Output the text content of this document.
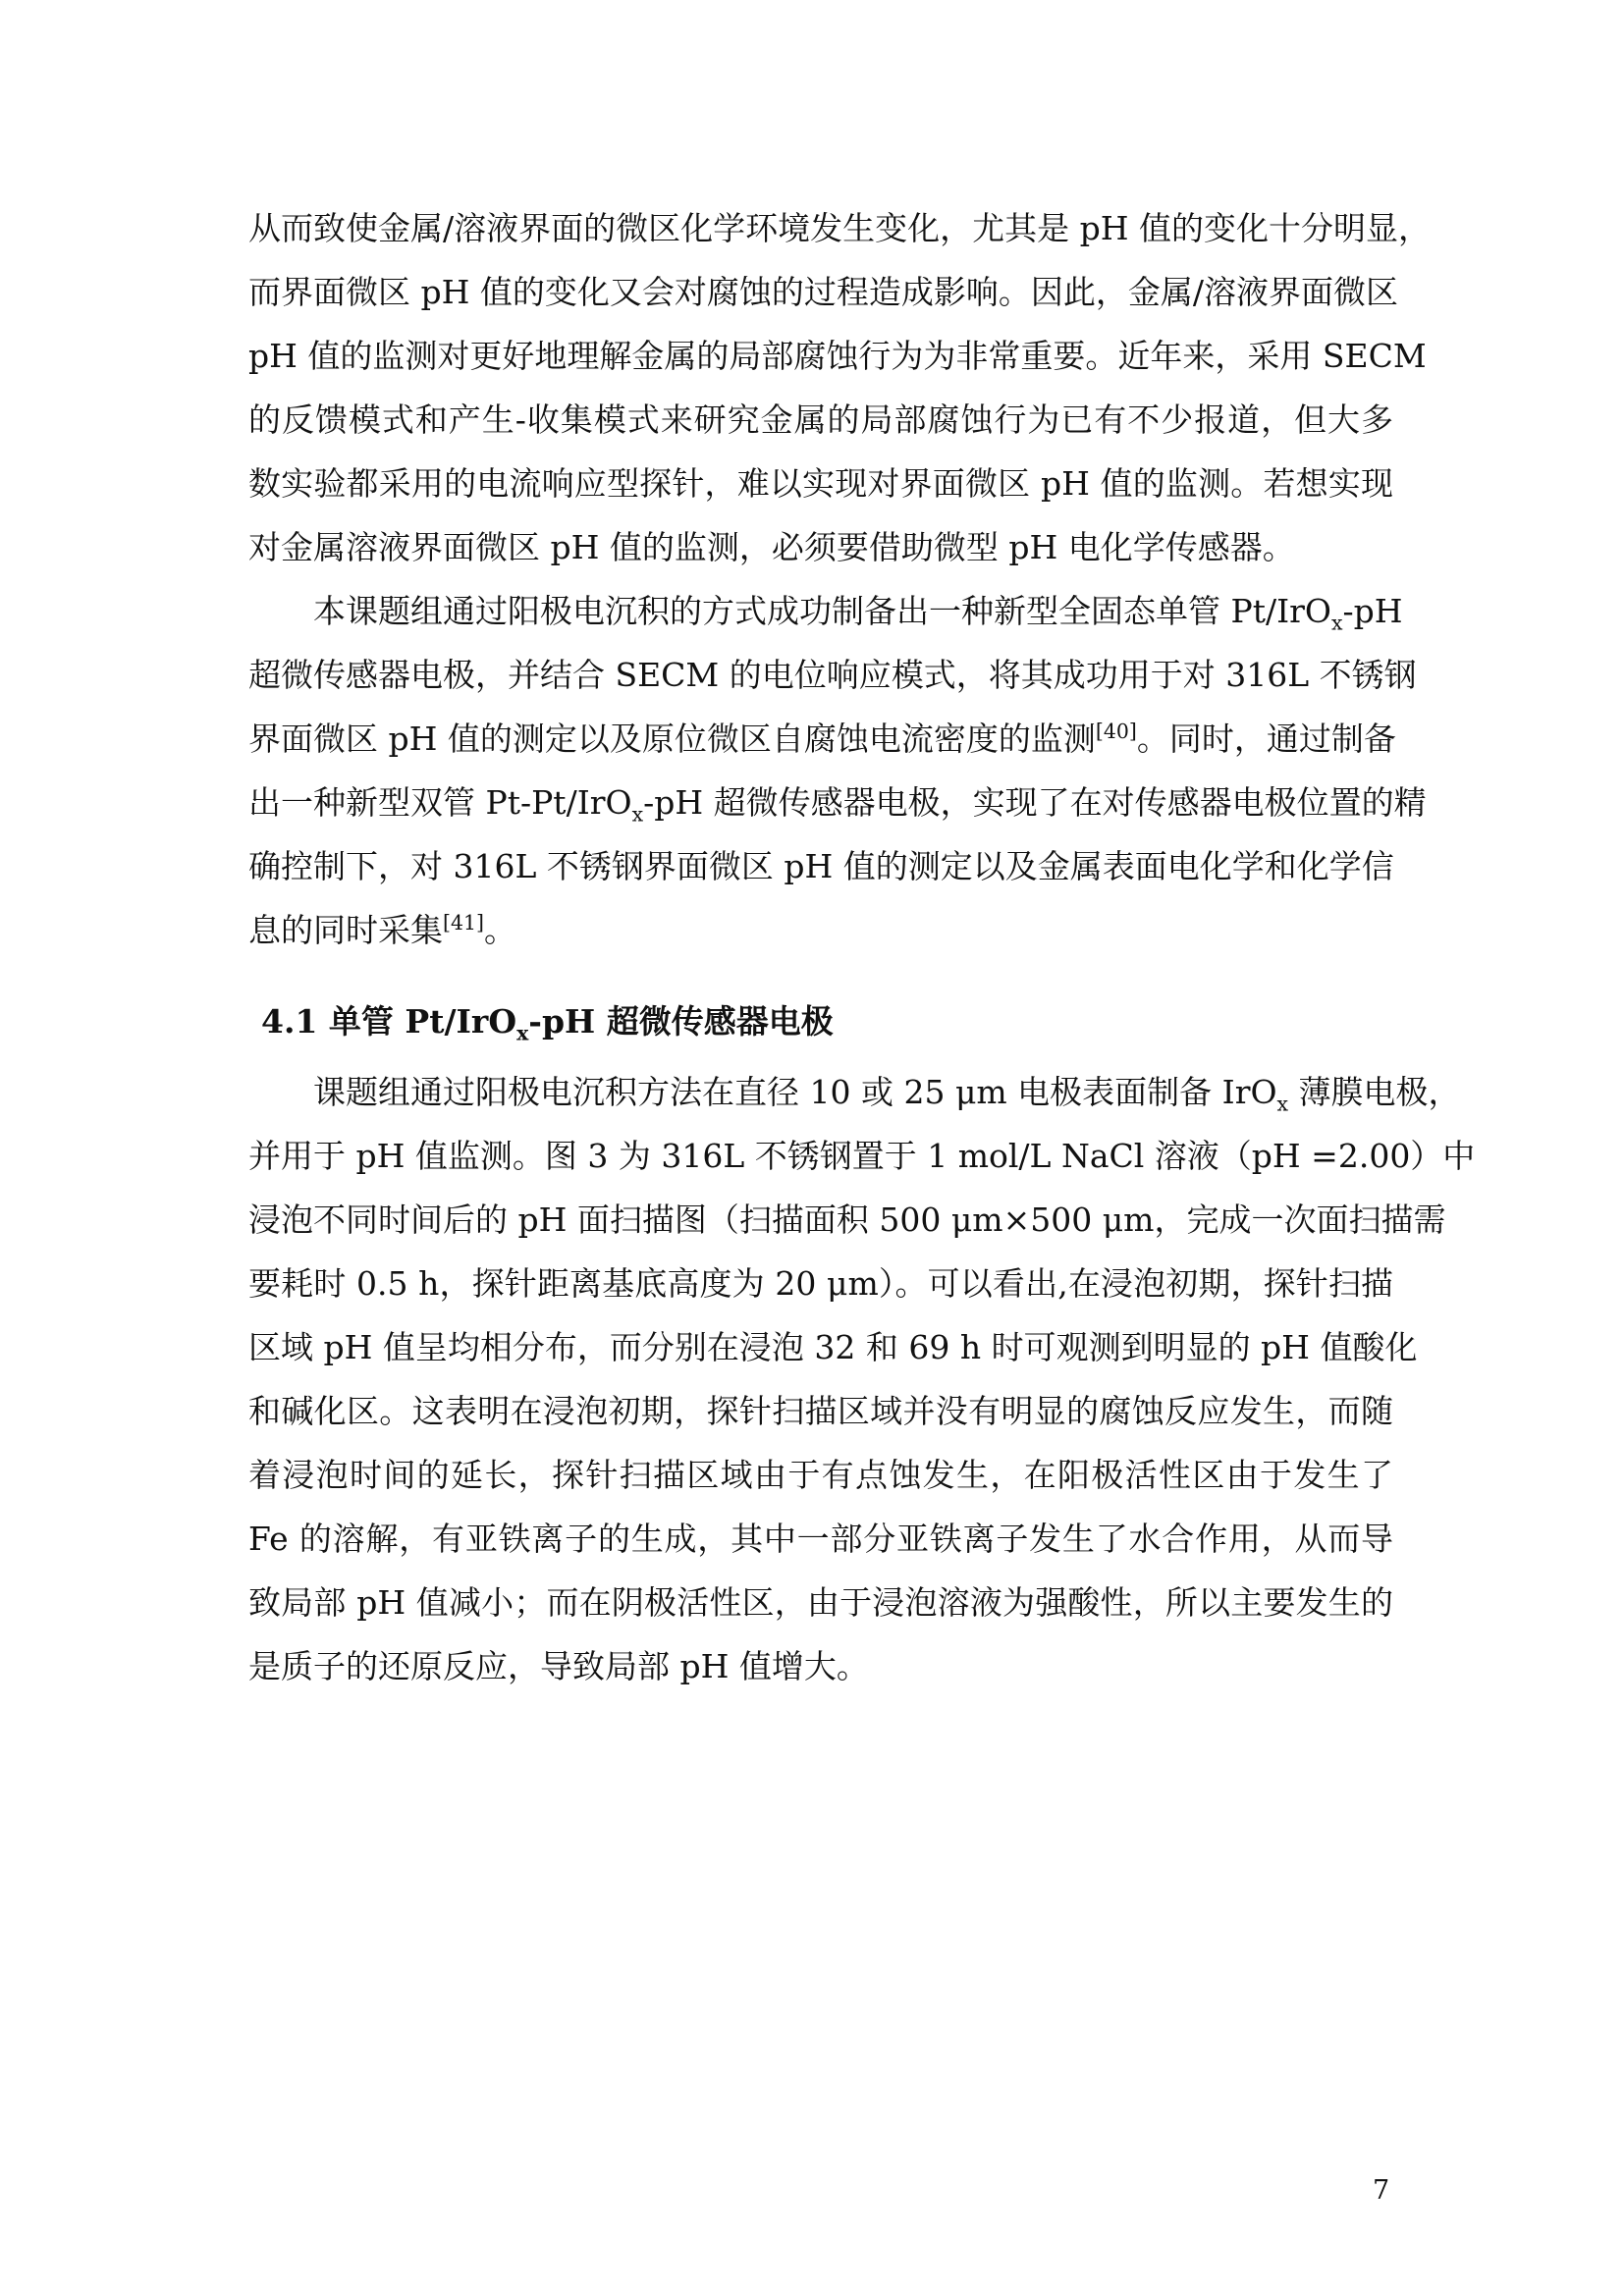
从而致使金属/溶液界面的微区化学环境发生变化，尤其是 pH 值的变化十分明显，
而界面微区 pH 值的变化又会对腐蚀的过程造成影响。因此，金属/溶液界面微区
pH 值的监测对更好地理解金属的局部腐蚀行为为非常重要。近年来，采用 SECM
的反馈模式和产生-收集模式来研究金属的局部腐蚀行为已有不少报道，但大多
数实验都采用的电流响应型探针，难以实现对界面微区 pH 值的监测。若想实现
对金属溶液界面微区 pH 值的监测，必须要借助微型 pH 电化学传感器。
本课题组通过阳极电沉积的方式成功制备出一种新型全固态单管 Pt/IrO$_x$-pH
超微传感器电极，并结合 SECM 的电位响应模式，将其成功用于对 316L 不锈钢
界面微区 pH 值的测定以及原位微区自腐蚀电流密度的监测[40]。同时，通过制备
出一种新型双管 Pt-Pt/IrO$_x$-pH 超微传感器电极，实现了在对传感器电极位置的精
确控制下，对 316L 不锈钢界面微区 pH 值的测定以及金属表面电化学和化学信
息的同时采集[41]。
4.1 单管 Pt/IrO$_x$-pH 超微传感器电极
课题组通过阳极电沉积方法在直径 10 或 25 μm 电极表面制备 IrO$_x$ 薄膜电极，
并用于 pH 值监测。图 3 为 316L 不锈钢置于 1 mol/L NaCl 溶液（pH =2.00）中
浸泡不同时间后的 pH 面扫描图（扫描面积 500 μm×500 μm，完成一次面扫描需
要耗时 0.5 h，探针距离基底高度为 20 μm）。可以看出,在浸泡初期，探针扫描
区域 pH 值呈均相分布，而分别在浸泡 32 和 69 h 时可观测到明显的 pH 值酸化
和碱化区。这表明在浸泡初期，探针扫描区域并没有明显的腐蚀反应发生，而随
着浸泡时间的延长，探针扫描区域由于有点蚀发生，在阳极活性区由于发生了
Fe 的溶解，有亚铁离子的生成，其中一部分亚铁离子发生了水合作用，从而导
致局部 pH 值减小；而在阴极活性区，由于浸泡溶液为强酸性，所以主要发生的
是质子的还原反应，导致局部 pH 值增大。
7
